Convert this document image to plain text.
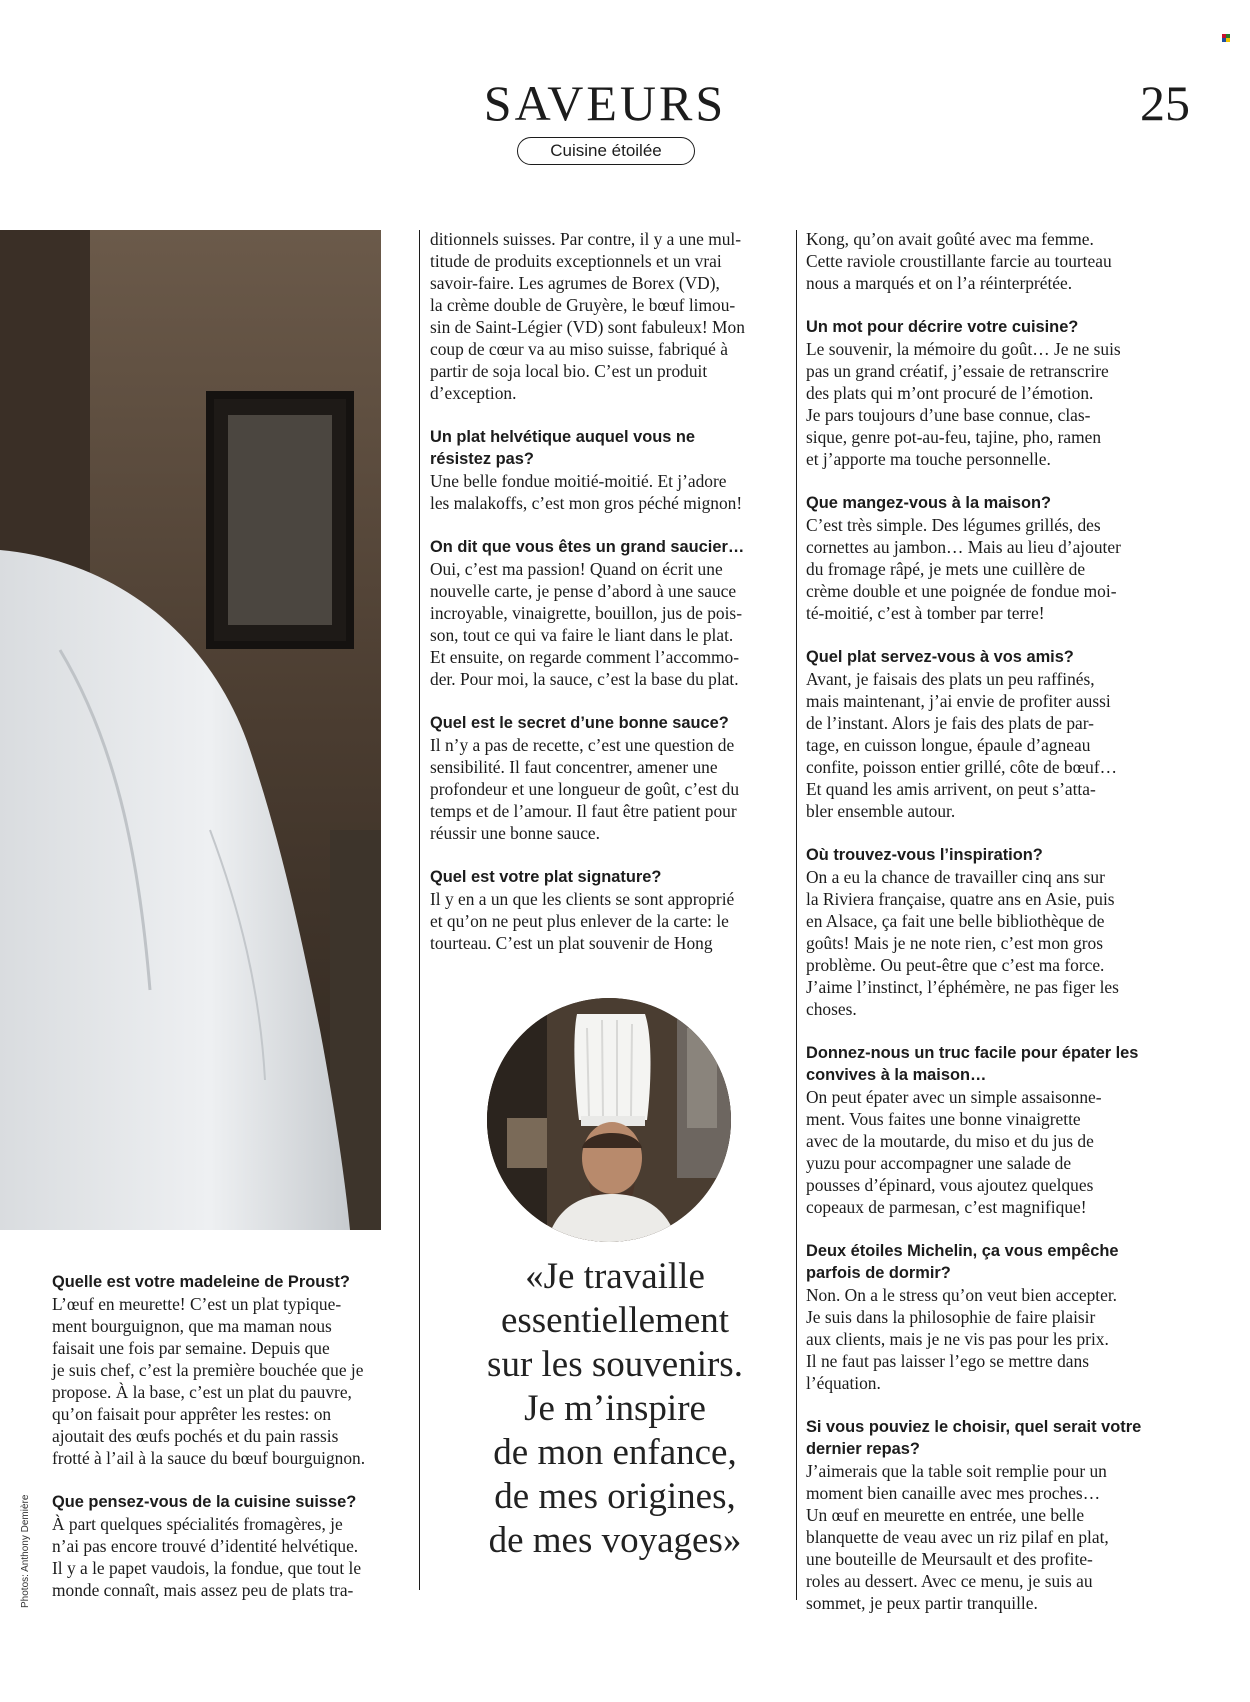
SAVEURS	25
Cuisine étoilée
Quelle est votre madeleine de Proust?
L’œuf en meurette! C’est un plat typique-
ment bourguignon, que ma maman nous
faisait une fois par semaine. Depuis que
je suis chef, c’est la première bouchée que je
propose. À la base, c’est un plat du pauvre,
qu’on faisait pour apprêter les restes: on
ajoutait des œufs pochés et du pain rassis
frotté à l’ail à la sauce du bœuf bourguignon.
Que pensez-vous de la cuisine suisse?
À part quelques spécialités fromagères, je
n’ai pas encore trouvé d’identité helvétique.
Il y a le papet vaudois, la fondue, que tout le
monde connaît, mais assez peu de plats tra-
Photos: Anthony Demière
ditionnels suisses. Par contre, il y a une mul-
titude de produits exceptionnels et un vrai
savoir-faire. Les agrumes de Borex (VD),
la crème double de Gruyère, le bœuf limou-
sin de Saint-Légier (VD) sont fabuleux! Mon
coup de cœur va au miso suisse, fabriqué à
partir de soja local bio. C’est un produit
d’exception.
Un plat helvétique auquel vous ne résistez pas?
Une belle fondue moitié-moitié. Et j’adore
les malakoffs, c’est mon gros péché mignon!
On dit que vous êtes un grand saucier…
Oui, c’est ma passion! Quand on écrit une
nouvelle carte, je pense d’abord à une sauce
incroyable, vinaigrette, bouillon, jus de pois-
son, tout ce qui va faire le liant dans le plat.
Et ensuite, on regarde comment l’accommo-
der. Pour moi, la sauce, c’est la base du plat.
Quel est le secret d’une bonne sauce?
Il n’y a pas de recette, c’est une question de
sensibilité. Il faut concentrer, amener une
profondeur et une longueur de goût, c’est du
temps et de l’amour. Il faut être patient pour
réussir une bonne sauce.
Quel est votre plat signature?
Il y en a un que les clients se sont approprié
et qu’on ne peut plus enlever de la carte: le
tourteau. C’est un plat souvenir de Hong
«Je travaille
essentiellement
sur les souvenirs.
Je m’inspire
de mon enfance,
de mes origines,
de mes voyages»
Kong, qu’on avait goûté avec ma femme.
Cette raviole croustillante farcie au tourteau
nous a marqués et on l’a réinterprétée.
Un mot pour décrire votre cuisine?
Le souvenir, la mémoire du goût… Je ne suis
pas un grand créatif, j’essaie de retranscrire
des plats qui m’ont procuré de l’émotion.
Je pars toujours d’une base connue, clas-
sique, genre pot-au-feu, tajine, pho, ramen
et j’apporte ma touche personnelle.
Que mangez-vous à la maison?
C’est très simple. Des légumes grillés, des
cornettes au jambon… Mais au lieu d’ajouter
du fromage râpé, je mets une cuillère de
crème double et une poignée de fondue moi-
té-moitié, c’est à tomber par terre!
Quel plat servez-vous à vos amis?
Avant, je faisais des plats un peu raffinés,
mais maintenant, j’ai envie de profiter aussi
de l’instant. Alors je fais des plats de par-
tage, en cuisson longue, épaule d’agneau
confite, poisson entier grillé, côte de bœuf…
Et quand les amis arrivent, on peut s’atta-
bler ensemble autour.
Où trouvez-vous l’inspiration?
On a eu la chance de travailler cinq ans sur
la Riviera française, quatre ans en Asie, puis
en Alsace, ça fait une belle bibliothèque de
goûts! Mais je ne note rien, c’est mon gros
problème. Ou peut-être que c’est ma force.
J’aime l’instinct, l’éphémère, ne pas figer les
choses.
Donnez-nous un truc facile pour épater les convives à la maison…
On peut épater avec un simple assaisonne-
ment. Vous faites une bonne vinaigrette
avec de la moutarde, du miso et du jus de
yuzu pour accompagner une salade de
pousses d’épinard, vous ajoutez quelques
copeaux de parmesan, c’est magnifique!
Deux étoiles Michelin, ça vous empêche parfois de dormir?
Non. On a le stress qu’on veut bien accepter.
Je suis dans la philosophie de faire plaisir
aux clients, mais je ne vis pas pour les prix.
Il ne faut pas laisser l’ego se mettre dans
l’équation.
Si vous pouviez le choisir, quel serait votre dernier repas?
J’aimerais que la table soit remplie pour un
moment bien canaille avec mes proches…
Un œuf en meurette en entrée, une belle
blanquette de veau avec un riz pilaf en plat,
une bouteille de Meursault et des profite-
roles au dessert. Avec ce menu, je suis au
sommet, je peux partir tranquille.
